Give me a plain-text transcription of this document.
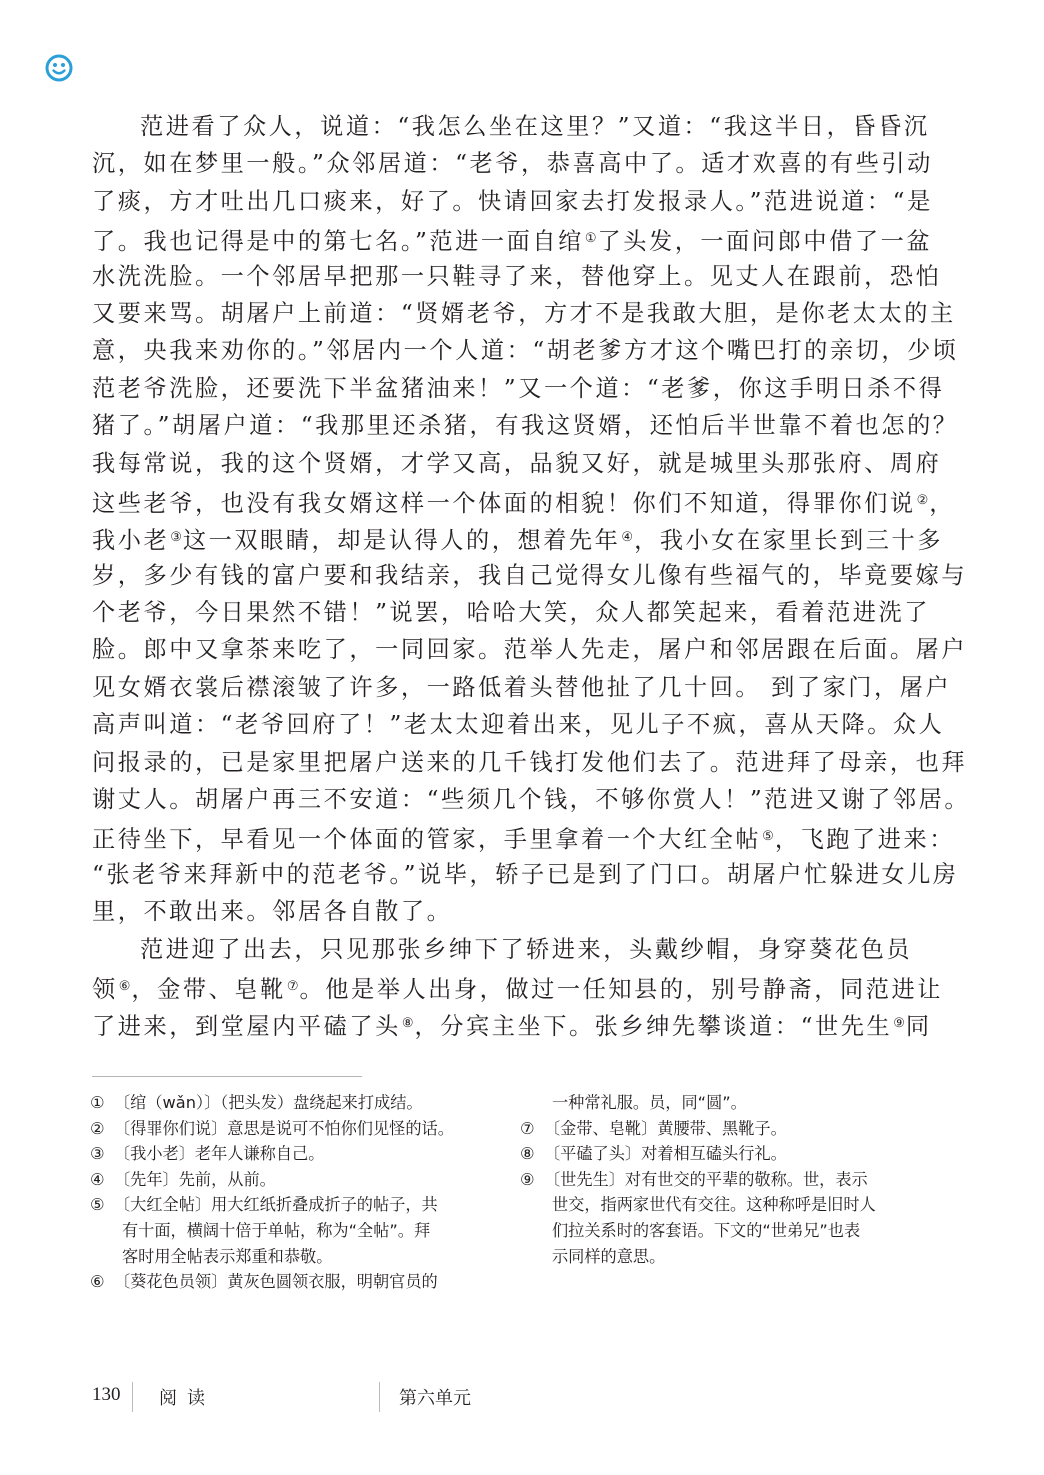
范进看了众人，说道：“我怎么坐在这里？”又道：“我这半日，昏昏沉
沉，如在梦里一般。”众邻居道：“老爷，恭喜高中了。适才欢喜的有些引动
了痰，方才吐出几口痰来，好了。快请回家去打发报录人。”范进说道：“是
了。我也记得是中的第七名。”范进一面自绾①了头发，一面问郎中借了一盆
水洗洗脸。一个邻居早把那一只鞋寻了来，替他穿上。见丈人在跟前，恐怕
又要来骂。胡屠户上前道：“贤婿老爷，方才不是我敢大胆，是你老太太的主
意，央我来劝你的。”邻居内一个人道：“胡老爹方才这个嘴巴打的亲切，少顷
范老爷洗脸，还要洗下半盆猪油来！”又一个道：“老爹，你这手明日杀不得
猪了。”胡屠户道：“我那里还杀猪，有我这贤婿，还怕后半世靠不着也怎的？
我每常说，我的这个贤婿，才学又高，品貌又好，就是城里头那张府、周府
这些老爷，也没有我女婿这样一个体面的相貌！你们不知道，得罪你们说②，
我小老③这一双眼睛，却是认得人的，想着先年④，我小女在家里长到三十多
岁，多少有钱的富户要和我结亲，我自己觉得女儿像有些福气的，毕竟要嫁与
个老爷，今日果然不错！”说罢，哈哈大笑，众人都笑起来，看着范进洗了
脸。郎中又拿茶来吃了，一同回家。范举人先走，屠户和邻居跟在后面。屠户
见女婿衣裳后襟滚皱了许多，一路低着头替他扯了几十回。 到了家门，屠户
高声叫道：“老爷回府了！”老太太迎着出来，见儿子不疯，喜从天降。众人
问报录的，已是家里把屠户送来的几千钱打发他们去了。范进拜了母亲，也拜
谢丈人。胡屠户再三不安道：“些须几个钱，不够你赏人！”范进又谢了邻居。
正待坐下，早看见一个体面的管家，手里拿着一个大红全帖⑤，飞跑了进来：
“张老爷来拜新中的范老爷。”说毕，轿子已是到了门口。胡屠户忙躲进女儿房
里，不敢出来。邻居各自散了。
范进迎了出去，只见那张乡绅下了轿进来，头戴纱帽，身穿葵花色员
领⑥，金带、皂靴⑦。他是举人出身，做过一任知县的，别号静斋，同范进让
了进来，到堂屋内平磕了头⑧，分宾主坐下。张乡绅先攀谈道：“世先生⑨同
① 〔绾（wǎn）〕（把头发）盘绕起来打成结。
② 〔得罪你们说〕意思是说可不怕你们见怪的话。
③ 〔我小老〕老年人谦称自己。
④ 〔先年〕先前，从前。
⑤ 〔大红全帖〕用大红纸折叠成折子的帖子，共
有十面，横阔十倍于单帖，称为“全帖”。拜
客时用全帖表示郑重和恭敬。
⑥ 〔葵花色员领〕黄灰色圆领衣服，明朝官员的
一种常礼服。员，同“圆”。
⑦ 〔金带、皂靴〕黄腰带、黑靴子。
⑧ 〔平磕了头〕对着相互磕头行礼。
⑨ 〔世先生〕对有世交的平辈的敬称。世，表示
世交，指两家世代有交往。这种称呼是旧时人
们拉关系时的客套语。下文的“世弟兄”也表
示同样的意思。
130 阅读	第六单元
